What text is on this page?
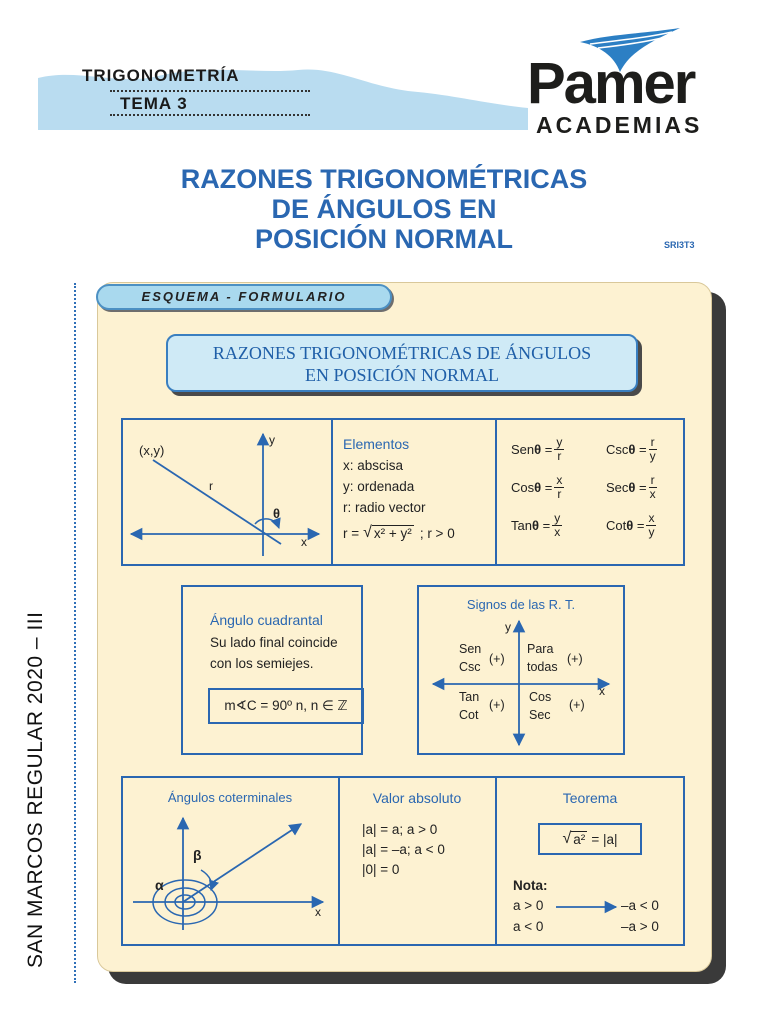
TRIGONOMETRÍA
TEMA 3	Pamer
ACADEMIAS
RAZONES TRIGONOMÉTRICAS
DE ÁNGULOS EN
POSICIÓN NORMAL	SRI3T3
SAN MARCOS REGULAR 2020 – III
ESQUEMA - FORMULARIO
RAZONES TRIGONOMÉTRICAS DE ÁNGULOS
EN POSICIÓN NORMAL
(x,y)
r
y
x
θ
Elementos
x: abscisa
y: ordenada
r: radio vector
r = √ x² + y² ; r > 0
Sen $\theta = \frac{y}{r}$	Csc $\theta = \frac{r}{y}$
Cos $\theta = \frac{x}{r}$	Sec $\theta = \frac{r}{x}$
Tan $\theta = \frac{y}{x}$	Cot $\theta = \frac{x}{y}$
Ángulo cuadrantal
Su lado final coincide
con los semiejes.
m∢C = 90º n, n ∈ ℤ
Signos de las R. T.
y
x
Para
todas
(+)
Sen
Csc
(+)
Tan
Cot
(+)
Cos
Sec
(+)
Ángulos coterminales
β
α
x
Valor absoluto
|a| = a; a > 0
|a| = –a; a < 0
|0| = 0
Teorema
√ a² = |a|
Nota:
a > 0	–a < 0
a < 0	–a > 0
